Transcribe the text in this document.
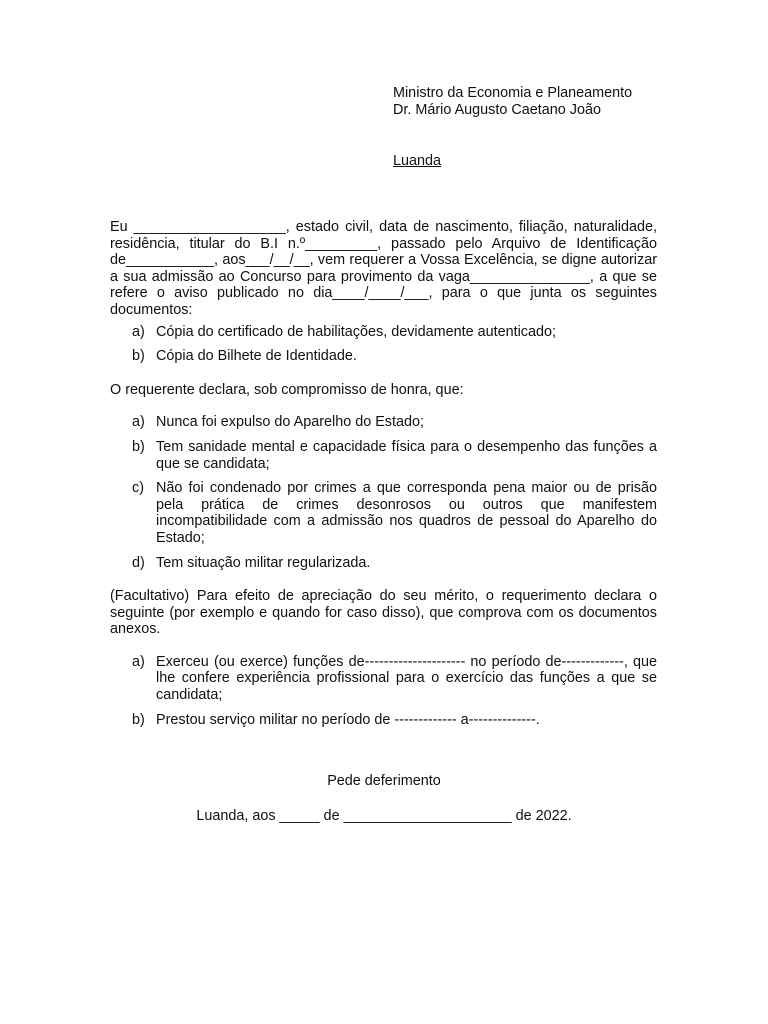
Ministro da Economia e Planeamento
Dr. Mário Augusto Caetano João
Luanda

Eu ___________________, estado civil, data de nascimento, filiação, naturalidade, residência, titular do B.I n.º_________, passado pelo Arquivo de Identificação de___________, aos___/__/__, vem requerer a Vossa Excelência, se digne autorizar a sua admissão ao Concurso para provimento da vaga_______________, a que se refere o aviso publicado no dia____/____/___, para o que junta os seguintes documentos:

a) Cópia do certificado de habilitações, devidamente autenticado;
b) Cópia do Bilhete de Identidade.

O requerente declara, sob compromisso de honra, que:

a) Nunca foi expulso do Aparelho do Estado;
b) Tem sanidade mental e capacidade física para o desempenho das funções a que se candidata;
c) Não foi condenado por crimes a que corresponda pena maior ou de prisão pela prática de crimes desonrosos ou outros que manifestem incompatibilidade com a admissão nos quadros de pessoal do Aparelho do Estado;
d) Tem situação militar regularizada.

(Facultativo) Para efeito de apreciação do seu mérito, o requerimento declara o seguinte (por exemplo e quando for caso disso), que comprova com os documentos anexos.

a) Exerceu (ou exerce) funções de--------------------- no período de-------------, que lhe confere experiência profissional para o exercício das funções a que se candidata;
b) Prestou serviço militar no período de ------------- a--------------.
Pede deferimento
Luanda, aos _____ de _____________________ de 2022.
